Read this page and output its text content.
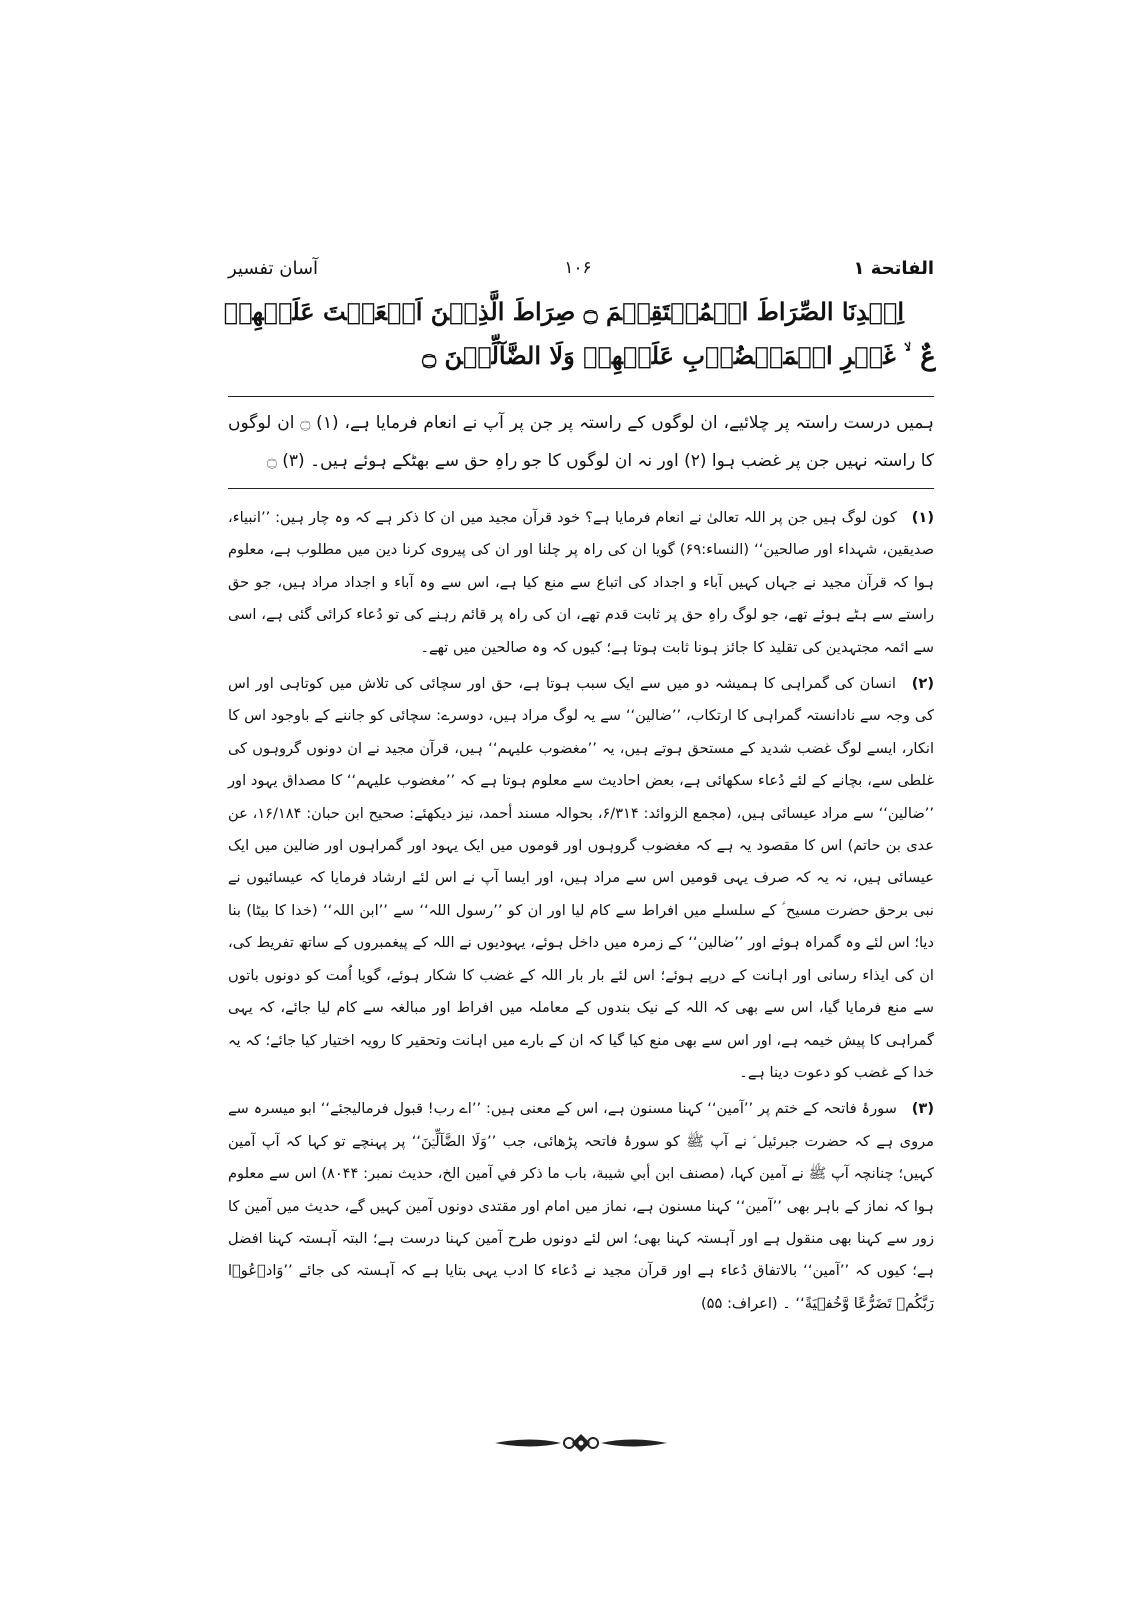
الفاتحة ۱
۱۰۶
آسان تفسیر
اِهۡدِنَا الصِّرَاطَ الۡمُسۡتَقِيۡمَ ۝ صِرَاطَ الَّذِيۡنَ اَنۡعَمۡتَ عَلَيۡهِمۡ ۙ غَيۡرِ الۡمَغۡضُوۡبِ عَلَيۡهِمۡ وَلَا الضَّآلِّيۡنَ ۝ عٌ
ہمیں درست راستہ پر چلائیے، ان لوگوں کے راستہ پر جن پر آپ نے انعام فرمایا ہے، (۱) ۝ ان لوگوں کا راستہ نہیں جن پر غضب ہوا (۲) اور نہ ان لوگوں کا جو راہِ حق سے بھٹکے ہوئے ہیں۔ (۳) ۝

(۱) کون لوگ ہیں جن پر اللہ تعالیٰ نے انعام فرمایا ہے؟ خود قرآن مجید میں ان کا ذکر ہے کہ وہ چار ہیں: ’’انبیاء، صدیقین، شہداء اور صالحین‘‘ (النساء:۶۹) گویا ان کی راہ پر چلنا اور ان کی پیروی کرنا دین میں مطلوب ہے، معلوم ہوا کہ قرآن مجید نے جہاں کہیں آباء و اجداد کی اتباع سے منع کیا ہے، اس سے وہ آباء و اجداد مراد ہیں، جو حق راستے سے ہٹے ہوئے تھے، جو لوگ راہِ حق پر ثابت قدم تھے، ان کی راہ پر قائم رہنے کی تو دُعاء کرائی گئی ہے، اسی سے ائمہ مجتہدین کی تقلید کا جائز ہونا ثابت ہوتا ہے؛ کیوں کہ وہ صالحین میں تھے۔

(۲) انسان کی گمراہی کا ہمیشہ دو میں سے ایک سبب ہوتا ہے، حق اور سچائی کی تلاش میں کوتاہی اور اس کی وجہ سے نادانستہ گمراہی کا ارتکاب، ’’ضالین‘‘ سے یہ لوگ مراد ہیں، دوسرے: سچائی کو جاننے کے باوجود اس کا انکار، ایسے لوگ غضب شدید کے مستحق ہوتے ہیں، یہ ’’مغضوب علیہم‘‘ ہیں، قرآن مجید نے ان دونوں گروہوں کی غلطی سے، بچانے کے لئے دُعاء سکھائی ہے، بعض احادیث سے معلوم ہوتا ہے کہ ’’مغضوب علیہم‘‘ کا مصداق یہود اور ’’ضالین‘‘ سے مراد عیسائی ہیں، (مجمع الزوائد: ۶/۳۱۴، بحوالہ مسند أحمد، نیز دیکھئے: صحیح ابن حبان: ۱۶/۱۸۴، عن عدی بن حاتم) اس کا مقصود یہ ہے کہ مغضوب گروہوں اور قوموں میں ایک یہود اور گمراہوں اور ضالین میں ایک عیسائی ہیں، نہ یہ کہ صرف یہی قومیں اس سے مراد ہیں، اور ایسا آپ نے اس لئے ارشاد فرمایا کہ عیسائیوں نے نبی برحق حضرت مسیح ؑ کے سلسلے میں افراط سے کام لیا اور ان کو ’’رسول اللہ‘‘ سے ’’ابن اللہ‘‘ (خدا کا بیٹا) بنا دیا؛ اس لئے وہ گمراہ ہوئے اور ’’ضالین‘‘ کے زمرہ میں داخل ہوئے، یہودیوں نے اللہ کے پیغمبروں کے ساتھ تفریط کی، ان کی ایذاء رسانی اور اہانت کے درپے ہوئے؛ اس لئے بار بار اللہ کے غضب کا شکار ہوئے، گویا اُمت کو دونوں باتوں سے منع فرمایا گیا، اس سے بھی کہ اللہ کے نیک بندوں کے معاملہ میں افراط اور مبالغہ سے کام لیا جائے، کہ یہی گمراہی کا پیش خیمہ ہے، اور اس سے بھی منع کیا گیا کہ ان کے بارے میں اہانت وتحقیر کا رویہ اختیار کیا جائے؛ کہ یہ خدا کے غضب کو دعوت دینا ہے۔

(۳) سورۂ فاتحہ کے ختم پر ’’آمین‘‘ کہنا مسنون ہے، اس کے معنی ہیں: ’’اے رب! قبول فرمالیجئے‘‘ ابو میسرہ سے مروی ہے کہ حضرت جبرئیل ؑ نے آپ ﷺ کو سورۂ فاتحہ پڑھائی، جب ’’وَلَا الضَّآلِّيۡنَ‘‘ پر پہنچے تو کہا کہ آپ آمین کہیں؛ چنانچہ آپ ﷺ نے آمین کہا، (مصنف ابن أبي شیبة، باب ما ذکر في آمین الخ، حدیث نمبر: ۸۰۴۴) اس سے معلوم ہوا کہ نماز کے باہر بھی ’’آمین‘‘ کہنا مسنون ہے، نماز میں امام اور مقتدی دونوں آمین کہیں گے، حدیث میں آمین کا زور سے کہنا بھی منقول ہے اور آہستہ کہنا بھی؛ اس لئے دونوں طرح آمین کہنا درست ہے؛ البتہ آہستہ کہنا افضل ہے؛ کیوں کہ ’’آمین‘‘ بالاتفاق دُعاء ہے اور قرآن مجید نے دُعاء کا ادب یہی بتایا ہے کہ آہستہ کی جائے ’’وَادۡعُوۡا رَبَّكُمۡ تَضَرُّعًا وَّخُفۡيَةً‘‘ ۔ (اعراف: ۵۵)
